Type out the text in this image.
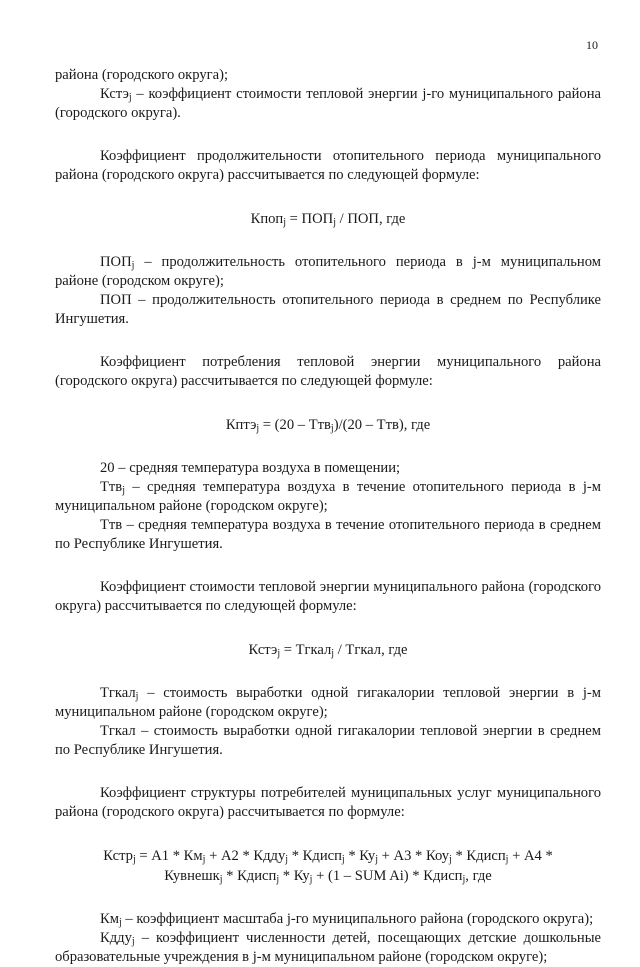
10

районa (городского округа);

Кстэ$_j$ – коэффициент стоимости тепловой энергии j-го муниципального района (городского округа).

Коэффициент продолжительности отопительного периода муниципального района (городского округа) рассчитывается по следующей формуле:

Кпоп$_j$ = $ПОП_j$ / ПОП, где

$ПОП_j$ – продолжительность отопительного периода в j-м муниципальном районе (городском округе);

ПОП – продолжительность отопительного периода в среднем по Республике Ингушетия.

Коэффициент потребления тепловой энергии муниципального района (городского округа) рассчитывается по следующей формуле:

Кптэ$_j$ = (20 – Ттв$_j$)/(20 – Ттв), где

20 – средняя температура воздуха в помещении;

Ттв$_j$ – средняя температура воздуха в течение отопительного периода в j-м муниципальном районе (городском округе);

Ттв – средняя температура воздуха в течение отопительного периода в среднем по Республике Ингушетия.

Коэффициент стоимости тепловой энергии муниципального района (городского округа) рассчитывается по следующей формуле:

Кстэ$_j$ = Тгкал$_j$ / Тгкал, где

Тгкал$_j$ – стоимость выработки одной гигакалории тепловой энергии в j-м муниципальном районе (городском округе);

Тгкал – стоимость выработки одной гигакалории тепловой энергии в среднем по Республике Ингушетия.

Коэффициент структуры потребителей муниципальных услуг муниципального района (городского округа) рассчитывается по формуле:

Кстр$_j$ = $А1 * Км_j + А2$ * Кдду$_j$ * Кдисп$_j$ * $Ку_j + А3 * Коу_j$ * Кдисп$_j$ + А4 *

Кувнешк$_j$ * Кдисп$_j$ * $Ку_j + (1$ – SUM Ai) * Кдисп$_j$, где

$Км_j$ – коэффициент масштаба j-го муниципального района (городского округа);

Кдду$_j$ – коэффициент численности детей, посещающих детские дошкольные образовательные учреждения в j-м муниципальном районе (городском округе);
